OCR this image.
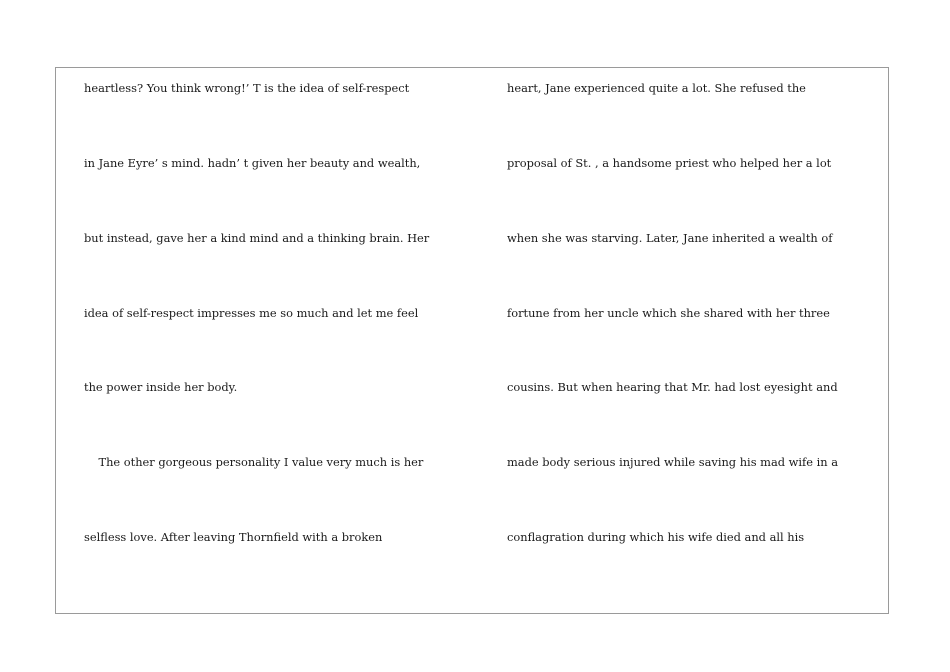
heartless? You think wrong!’ T is the idea of self-respect
in Jane Eyre’ s mind. hadn’ t given her beauty and wealth,
but instead, gave her a kind mind and a thinking brain. Her
idea of self-respect impresses me so much and let me feel
the power inside her body.
The other gorgeous personality I value very much is her
selfless love. After leaving Thornfield with a broken
heart, Jane experienced quite a lot. She refused the
proposal of St. , a handsome priest who helped her a lot
when she was starving. Later, Jane inherited a wealth of
fortune from her uncle which she shared with her three
cousins. But when hearing that Mr. had lost eyesight and
made body serious injured while saving his mad wife in a
conflagration during which his wife died and all his
